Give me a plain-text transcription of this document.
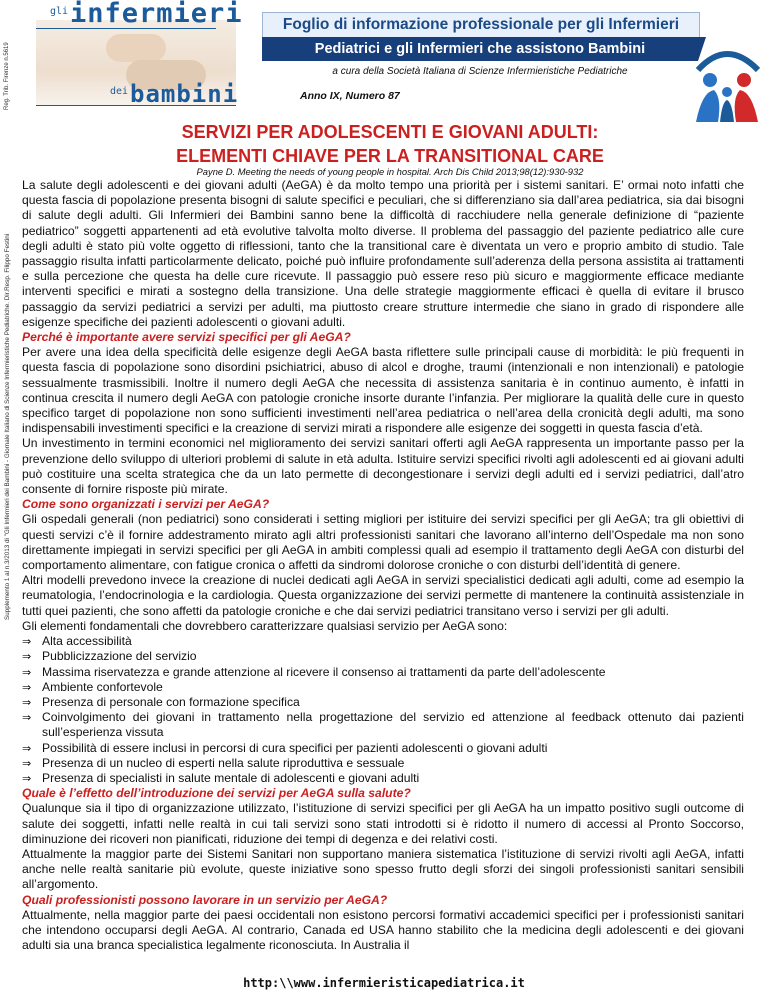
gli infermieri
dei bambini
Reg. Trib. Firenze n.5619
Supplemento 1 al n.3/2013 di "Gli Infermieri dei Bambini - Giornale Italiano di Scienze Infermieristiche Pediatriche. Dir.Resp. Filippo Festini
Foglio di informazione professionale per gli Infermieri
Pediatrici e gli Infermieri che assistono Bambini
a cura della Società Italiana di Scienze Infermieristiche Pediatriche
Anno IX, Numero 87
SERVIZI PER ADOLESCENTI E GIOVANI ADULTI:
ELEMENTI CHIAVE PER LA TRANSITIONAL CARE
Payne D. Meeting the needs of young people in hospital. Arch Dis Child 2013;98(12):930-932

La salute degli adolescenti e dei giovani adulti (AeGA) è da molto tempo una priorità per i sistemi sanitari. E’ ormai noto infatti che questa fascia di popolazione presenta bisogni di salute specifici e peculiari, che si differenziano sia dall’area pediatrica, sia dai bisogni di salute degli adulti. Gli Infermieri dei Bambini sanno bene la difficoltà di racchiudere nella generale definizione di “paziente pediatrico” soggetti appartenenti ad età evolutive talvolta molto diverse. Il problema del passaggio del paziente pediatrico alle cure degli adulti è stato più volte oggetto di riflessioni, tanto che la transitional care è diventata un vero e proprio ambito di studio. Tale passaggio risulta infatti particolarmente delicato, poiché può influire profondamente sull’aderenza della persona assistita ai trattamenti e sulla percezione che questa ha delle cure ricevute. Il passaggio può essere reso più sicuro e maggiormente efficace mediante interventi specifici e mirati a sostegno della transizione. Una delle strategie maggiormente efficaci è quella di evitare il brusco passaggio da servizi pediatrici a servizi per adulti, ma piuttosto creare strutture intermedie che siano in grado di rispondere alle esigenze specifiche dei pazienti adolescenti o giovani adulti.

Perché è importante avere servizi specifici per gli AeGA?

Per avere una idea della specificità delle esigenze degli AeGA basta riflettere sulle principali cause di morbidità: le più frequenti in questa fascia di popolazione sono disordini psichiatrici, abuso di alcol e droghe, traumi (intenzionali e non intenzionali) e patologie sessualmente trasmissibili. Inoltre il numero degli AeGA che necessita di assistenza sanitaria è in continuo aumento, è infatti in continua crescita il numero degli AeGA con patologie croniche insorte durante l’infanzia. Per migliorare la qualità delle cure in questo specifico target di popolazione non sono sufficienti investimenti nell’area pediatrica o nell’area della cronicità degli adulti, ma sono indispensabili investimenti specifici e la creazione di servizi mirati a rispondere alle esigenze dei soggetti in questa fascia d’età.

Un investimento in termini economici nel miglioramento dei servizi sanitari offerti agli AeGA rappresenta un importante passo per la prevenzione dello sviluppo di ulteriori problemi di salute in età adulta. Istituire servizi specifici rivolti agli adolescenti ed ai giovani adulti può costituire una scelta strategica che da un lato permette di decongestionare i servizi degli adulti ed i servizi pediatrici, dall’atro consente di fornire risposte più mirate.

Come sono organizzati i servizi per AeGA?

Gli ospedali generali (non pediatrici) sono considerati i setting migliori per istituire dei servizi specifici per gli AeGA; tra gli obiettivi di questi servizi c’è il fornire addestramento mirato agli altri professionisti sanitari che lavorano all’interno dell’Ospedale ma non sono direttamente impiegati in servizi specifici per gli AeGA in ambiti complessi quali ad esempio il trattamento degli AeGA con disturbi del comportamento alimentare, con fatigue cronica o affetti da sindromi dolorose croniche o con disturbi dell’identità di genere.

Altri modelli prevedono invece la creazione di nuclei dedicati agli AeGA in servizi specialistici dedicati agli adulti, come ad esempio la reumatologia, l’endocrinologia e la cardiologia. Questa organizzazione dei servizi permette di mantenere la continuità assistenziale in tutti quei pazienti, che sono affetti da patologie croniche e che dai servizi pediatrici transitano verso i servizi per gli adulti.

Gli elementi fondamentali che dovrebbero caratterizzare qualsiasi servizio per AeGA sono:

⇒ Alta accessibilità
⇒ Pubblicizzazione del servizio
⇒ Massima riservatezza e grande attenzione al ricevere il consenso ai trattamenti da parte dell’adolescente
⇒ Ambiente confortevole
⇒ Presenza di personale con formazione specifica
⇒ Coinvolgimento dei giovani in trattamento nella progettazione del servizio ed attenzione al feedback ottenuto dai pazienti sull’esperienza vissuta
⇒ Possibilità di essere inclusi in percorsi di cura specifici per pazienti adolescenti o giovani adulti
⇒ Presenza di un nucleo di esperti nella salute riproduttiva e sessuale
⇒ Presenza di specialisti in salute mentale di adolescenti e giovani adulti

Quale è l’effetto dell’introduzione dei servizi per AeGA sulla salute?

Qualunque sia il tipo di organizzazione utilizzato, l’istituzione di servizi specifici per gli AeGA ha un impatto positivo sugli outcome di salute dei soggetti, infatti nelle realtà in cui tali servizi sono stati introdotti si è ridotto il numero di accessi al Pronto Soccorso, diminuzione dei ricoveri non pianificati, riduzione dei tempi di degenza e dei relativi costi.

Attualmente la maggior parte dei Sistemi Sanitari non supportano maniera sistematica l’istituzione di servizi rivolti agli AeGA, infatti anche nelle realtà sanitarie più evolute, queste iniziative sono spesso frutto degli sforzi dei singoli professionisti sanitari sensibili all’argomento.

Quali professionisti possono lavorare in un servizio per AeGA?

Attualmente, nella maggior parte dei paesi occidentali non esistono percorsi formativi accademici specifici per i professionisti sanitari che intendono occuparsi degli AeGA. Al contrario, Canada ed USA hanno stabilito che la medicina degli adolescenti e dei giovani adulti sia una branca specialistica legalmente riconosciuta. In Australia il

http:\\www.infermieristicapediatrica.it
